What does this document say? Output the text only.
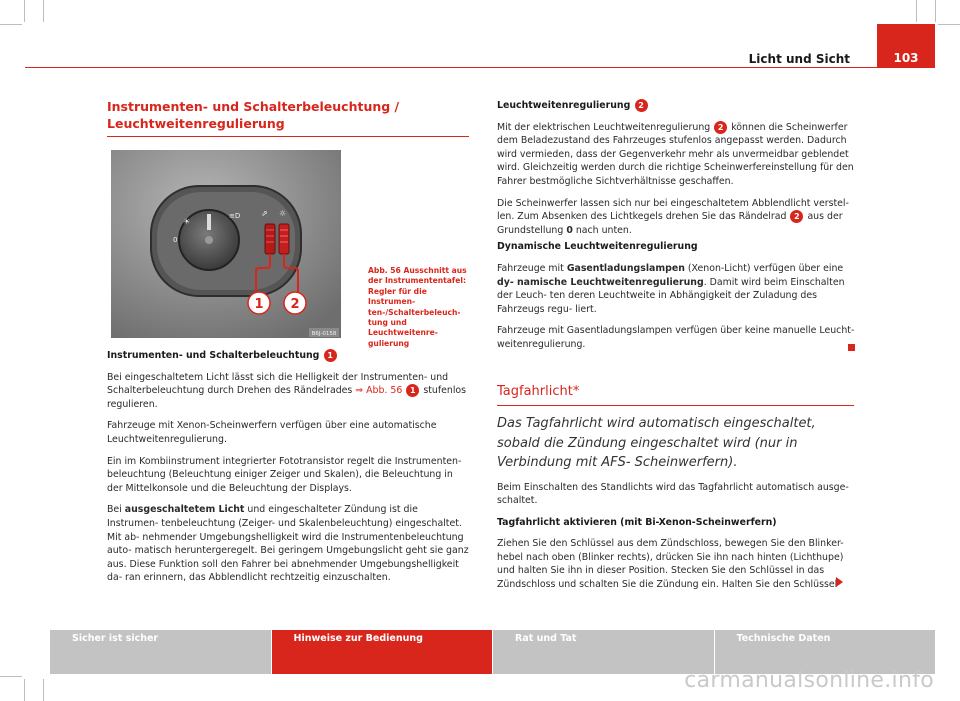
Licht und Sicht	103
Instrumenten- und Schalterbeleuchtung /
Leuchtweitenregulierung
☀
≡D
0
⇗ ☼
1 2
B6J-0158
Abb. 56 Ausschnitt aus der Instrumententafel: Regler für die Instrumen- ten-/Schalterbeleuch- tung und Leuchtweitenre- gulierung

Instrumenten- und Schalterbeleuchtung 1

Bei eingeschaltetem Licht lässt sich die Helligkeit der Instrumenten- und Schalterbeleuchtung durch Drehen des Rändelrades ⇒ Abb. 56 1 stufenlos regulieren.

Fahrzeuge mit Xenon-Scheinwerfern verfügen über eine automatische Leuchtweitenregulierung.

Ein im Kombiinstrument integrierter Fototransistor regelt die Instrumenten- beleuchtung (Beleuchtung einiger Zeiger und Skalen), die Beleuchtung in der Mittelkonsole und die Beleuchtung der Displays.

Bei ausgeschaltetem Licht und eingeschalteter Zündung ist die Instrumen- tenbeleuchtung (Zeiger- und Skalenbeleuchtung) eingeschaltet. Mit ab- nehmender Umgebungshelligkeit wird die Instrumentenbeleuchtung auto- matisch heruntergeregelt. Bei geringem Umgebungslicht geht sie ganz aus. Diese Funktion soll den Fahrer bei abnehmender Umgebungshelligkeit da- ran erinnern, das Abblendlicht rechtzeitig einzuschalten.

Leuchtweitenregulierung 2

Mit der elektrischen Leuchtweitenregulierung 2 können die Scheinwerfer dem Beladezustand des Fahrzeuges stufenlos angepasst werden. Dadurch wird vermieden, dass der Gegenverkehr mehr als unvermeidbar geblendet wird. Gleichzeitig werden durch die richtige Scheinwerfereinstellung für den Fahrer bestmögliche Sichtverhältnisse geschaffen.

Die Scheinwerfer lassen sich nur bei eingeschaltetem Abblendlicht verstel- len. Zum Absenken des Lichtkegels drehen Sie das Rändelrad 2 aus der Grundstellung 0 nach unten.

Dynamische Leuchtweitenregulierung

Fahrzeuge mit Gasentladungslampen (Xenon-Licht) verfügen über eine dy- namische Leuchtweitenregulierung. Damit wird beim Einschalten der Leuch- ten deren Leuchtweite in Abhängigkeit der Zuladung des Fahrzeugs regu- liert.

Fahrzeuge mit Gasentladungslampen verfügen über keine manuelle Leucht- weitenregulierung.

Tagfahrlicht*

Das Tagfahrlicht wird automatisch eingeschaltet, sobald die Zündung eingeschaltet wird (nur in Verbindung mit AFS- Scheinwerfern).

Beim Einschalten des Standlichts wird das Tagfahrlicht automatisch ausge- schaltet.

Tagfahrlicht aktivieren (mit Bi-Xenon-Scheinwerfern)

Ziehen Sie den Schlüssel aus dem Zündschloss, bewegen Sie den Blinker- hebel nach oben (Blinker rechts), drücken Sie ihn nach hinten (Lichthupe) und halten Sie ihn in dieser Position. Stecken Sie den Schlüssel in das Zündschloss und schalten Sie die Zündung ein. Halten Sie den Schlüssel

Sicher ist sicher	Hinweise zur Bedienung	Rat und Tat	Technische Daten
carmanualsonline.info
